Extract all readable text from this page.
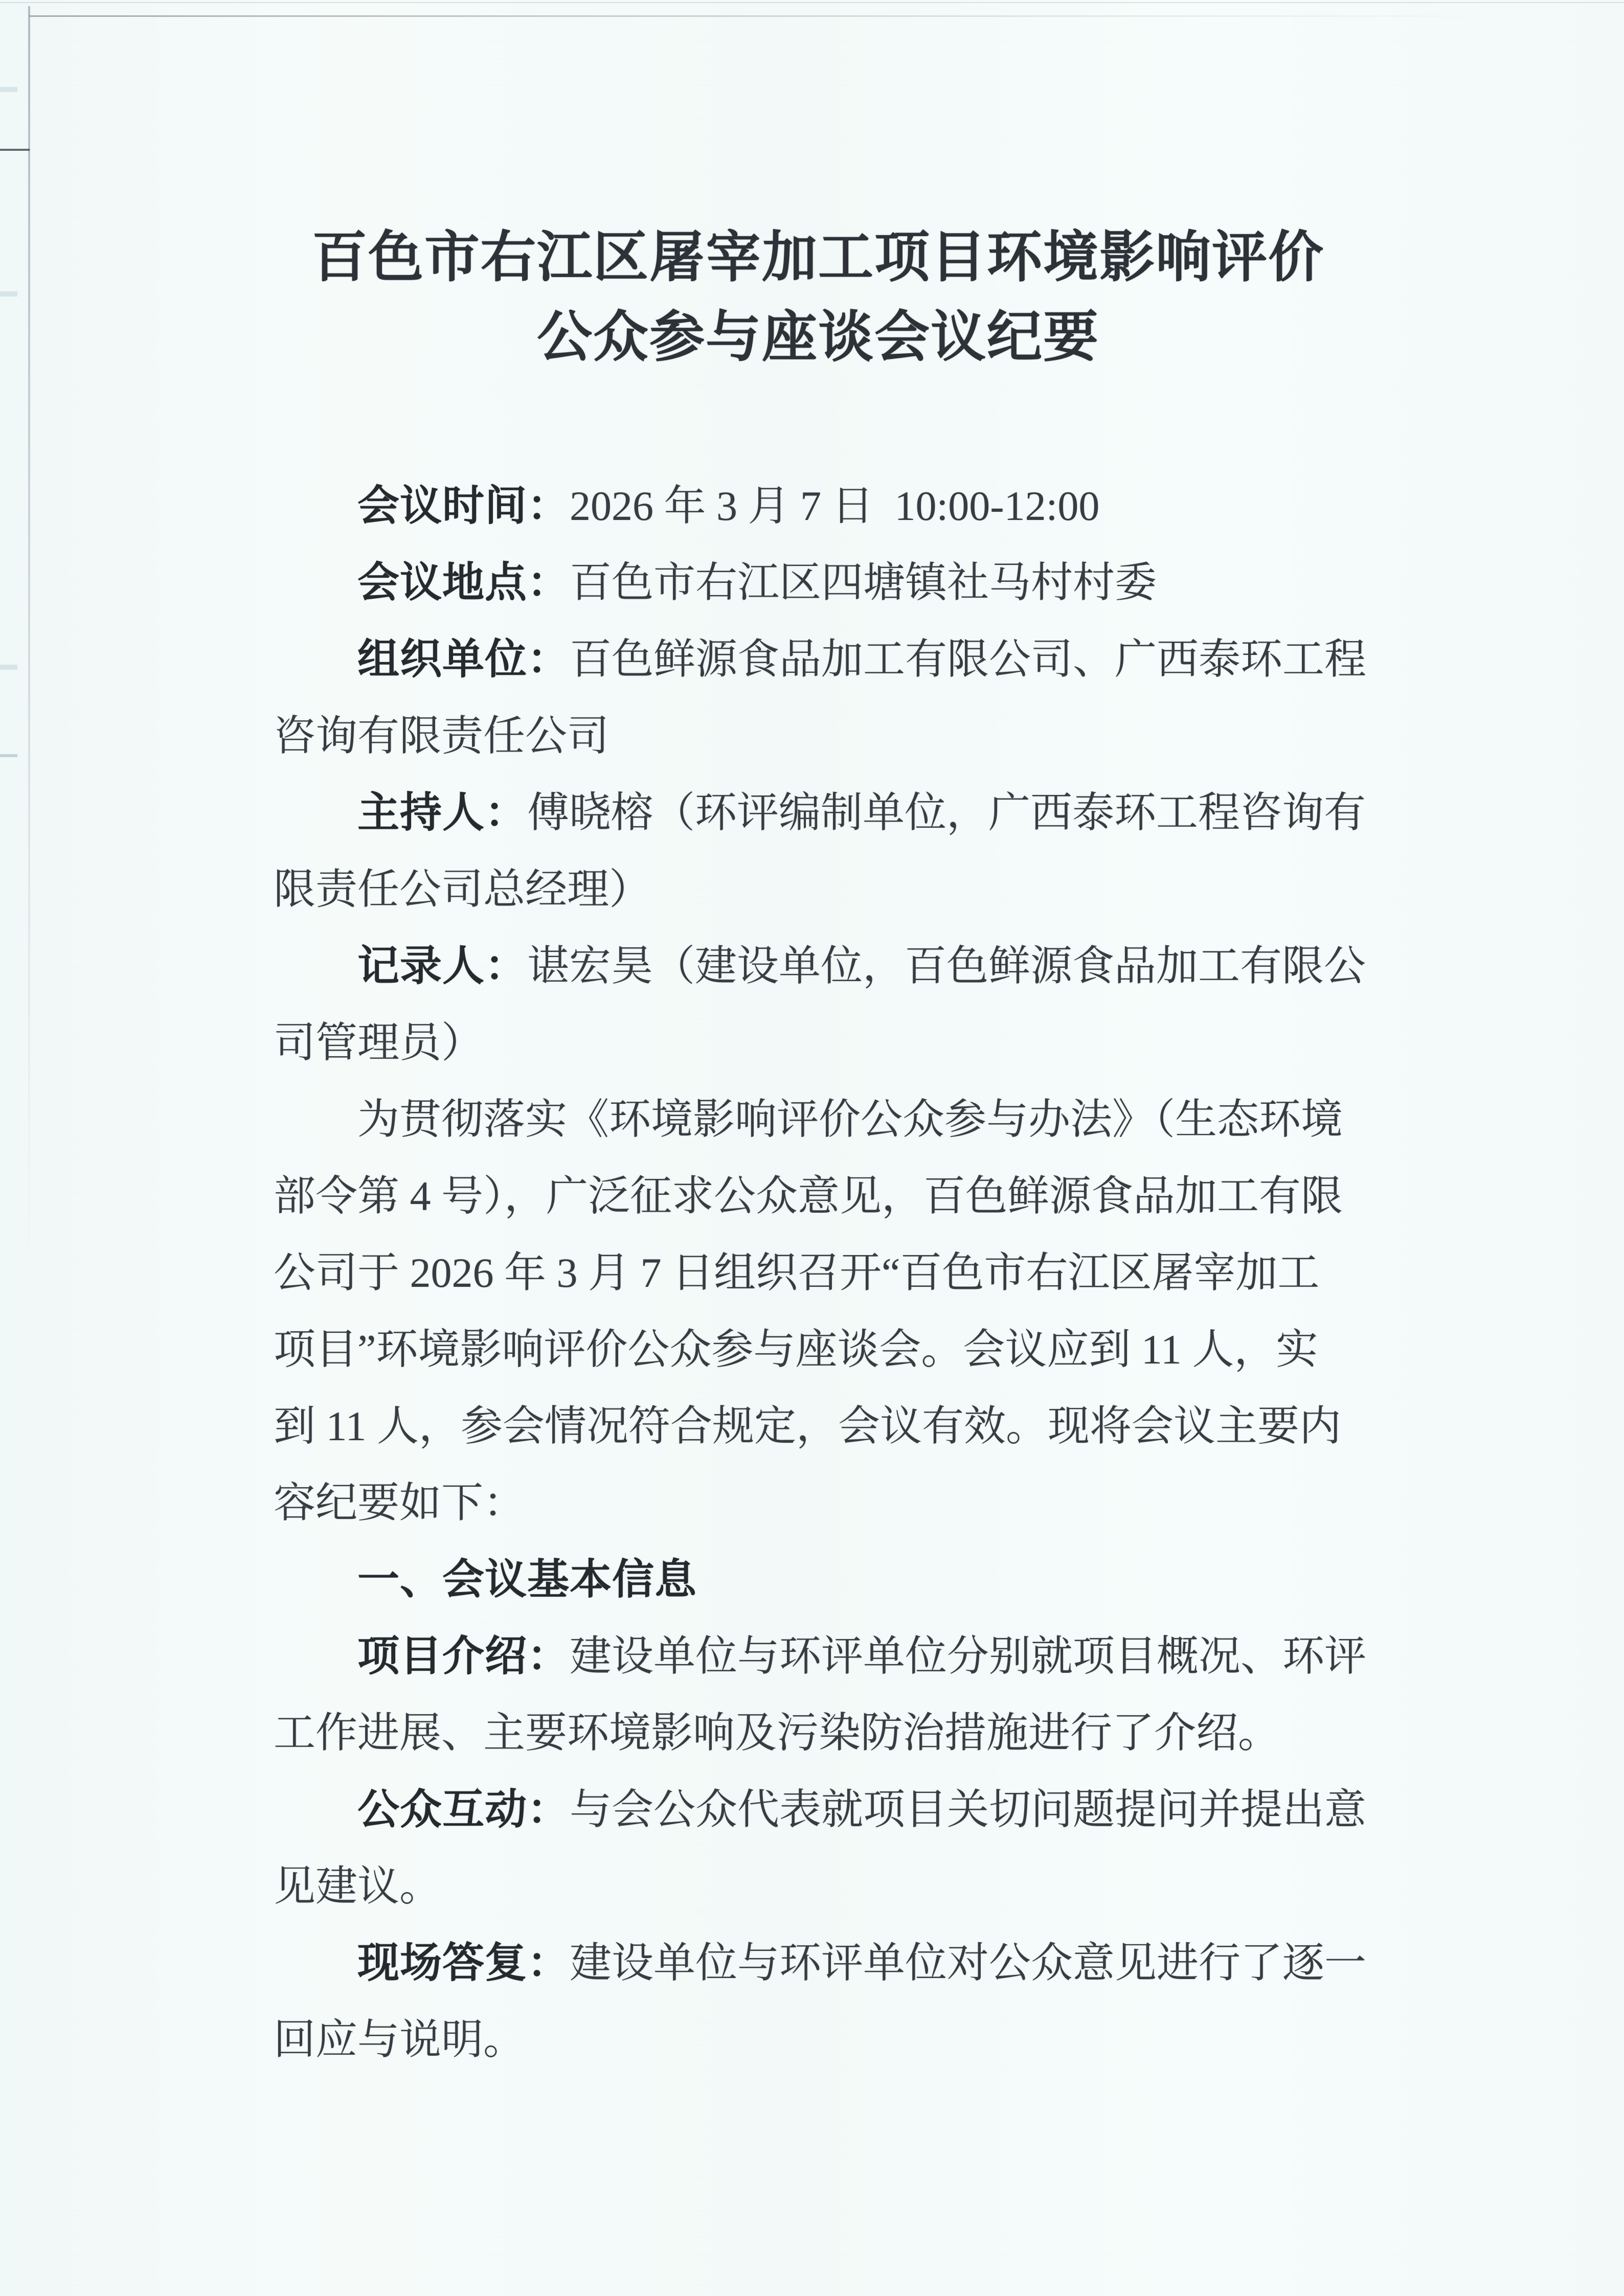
百色市右江区屠宰加工项目环境影响评价
公众参与座谈会议纪要
会议时间：2026 年 3 月 7 日  10:00-12:00
会议地点：百色市右江区四塘镇社马村村委
组织单位：百色鲜源食品加工有限公司、广西泰环工程
咨询有限责任公司
主持人：傅晓榕（环评编制单位，广西泰环工程咨询有
限责任公司总经理）
记录人：谌宏昊（建设单位，百色鲜源食品加工有限公
司管理员）
为贯彻落实《环境影响评价公众参与办法》（生态环境
部令第 4 号），广泛征求公众意见，百色鲜源食品加工有限
公司于 2026 年 3 月 7 日组织召开“百色市右江区屠宰加工
项目”环境影响评价公众参与座谈会。会议应到 11 人，实
到 11 人，参会情况符合规定，会议有效。现将会议主要内
容纪要如下：
一、会议基本信息
项目介绍：建设单位与环评单位分别就项目概况、环评
工作进展、主要环境影响及污染防治措施进行了介绍。
公众互动：与会公众代表就项目关切问题提问并提出意
见建议。
现场答复：建设单位与环评单位对公众意见进行了逐一
回应与说明。
